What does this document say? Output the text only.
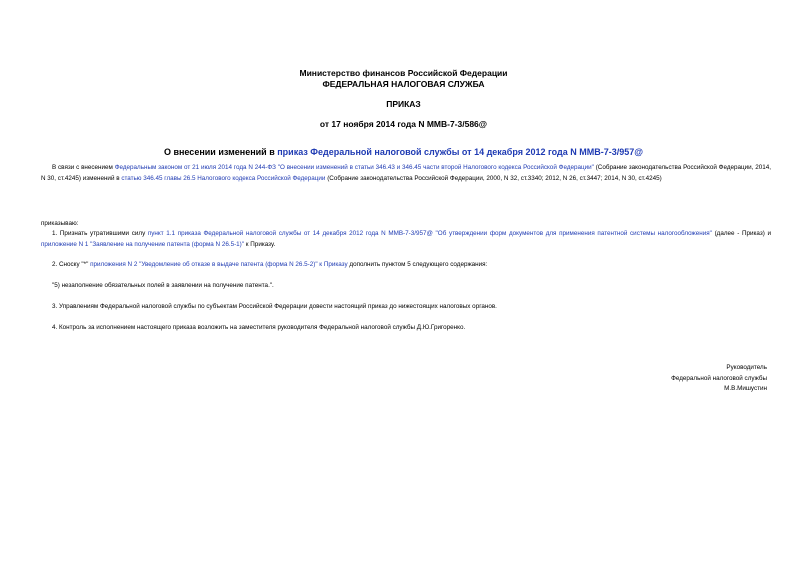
Министерство финансов Российской Федерации
ФЕДЕРАЛЬНАЯ НАЛОГОВАЯ СЛУЖБА
ПРИКАЗ
от 17 ноября 2014 года N ММВ-7-3/586@
О внесении изменений в приказ Федеральной налоговой службы от 14 декабря 2012 года N ММВ-7-3/957@

В связи с внесением Федеральным законом от 21 июля 2014 года N 244-ФЗ "О внесении изменений в статьи 346.43 и 346.45 части второй Налогового кодекса Российской Федерации" (Собрание законодательства Российской Федерации, 2014, N 30, ст.4245) изменений в статью 346.45 главы 26.5 Налогового кодекса Российской Федерации (Собрание законодательства Российской Федерации, 2000, N 32, ст.3340; 2012, N 26, ст.3447; 2014, N 30, ст.4245)

приказываю:

1. Признать утратившими силу пункт 1.1 приказа Федеральной налоговой службы от 14 декабря 2012 года N ММВ-7-3/957@ "Об утверждении форм документов для применения патентной системы налогообложения" (далее - Приказ) и приложение N 1 "Заявление на получение патента (форма N 26.5-1)" к Приказу.

2. Сноску "*" приложения N 2 "Уведомление об отказе в выдаче патента (форма N 26.5-2)" к Приказу дополнить пунктом 5 следующего содержания:

"5) незаполнение обязательных полей в заявлении на получение патента.".

3. Управлениям Федеральной налоговой службы по субъектам Российской Федерации довести настоящий приказ до нижестоящих налоговых органов.

4. Контроль за исполнением настоящего приказа возложить на заместителя руководителя Федеральной налоговой службы Д.Ю.Григоренко.

Руководитель
Федеральной налоговой службы
М.В.Мишустин
